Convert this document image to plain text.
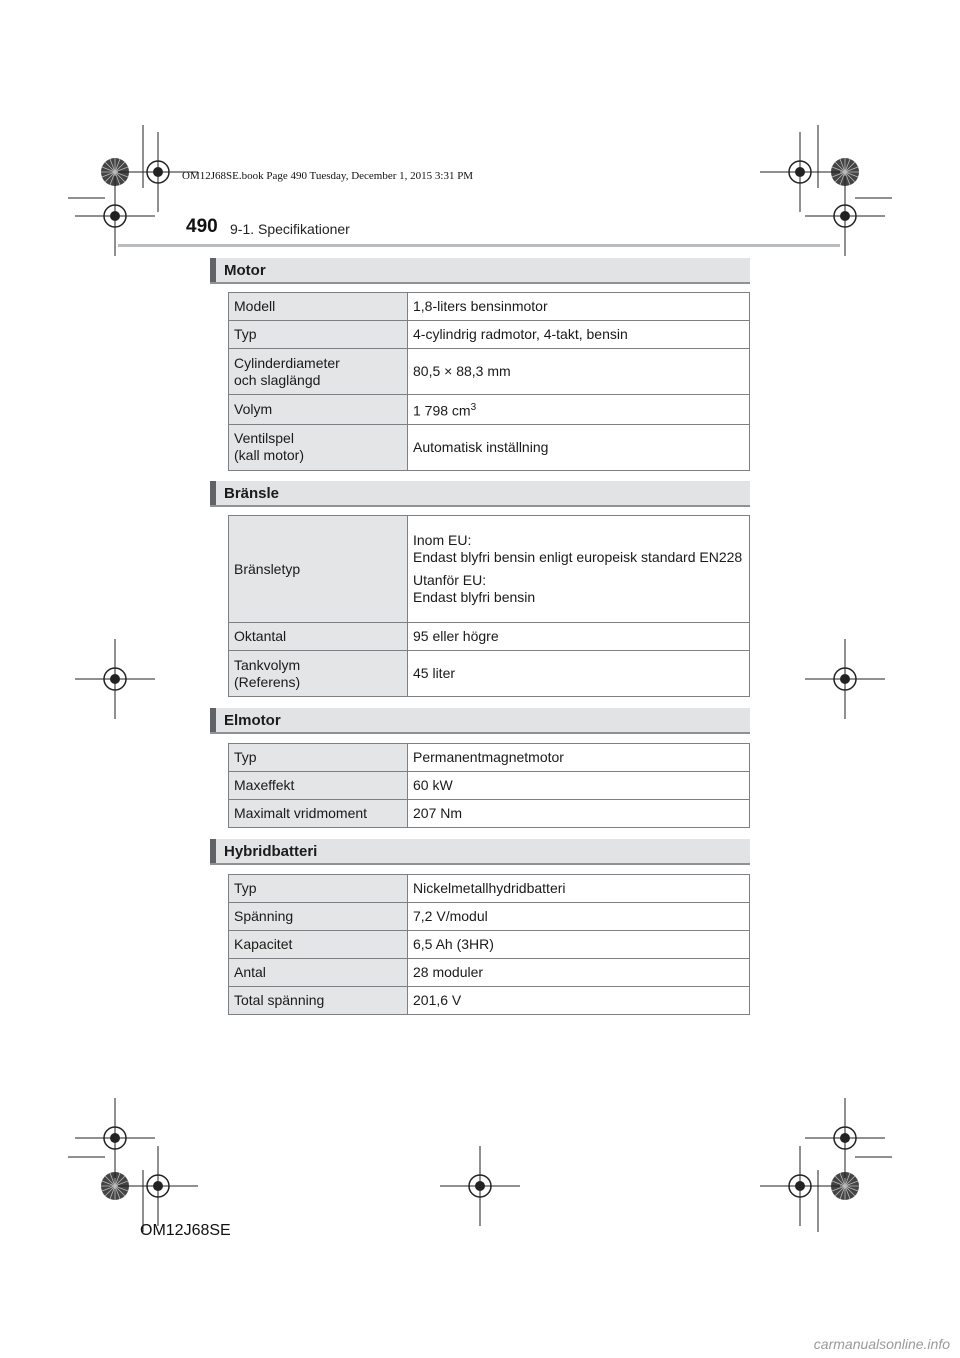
OM12J68SE.book Page 490 Tuesday, December 1, 2015 3:31 PM
490 9-1. Specifikationer
Motor
Modell	1,8-liters bensinmotor
Typ	4-cylindrig radmotor, 4-takt, bensin
Cylinderdiameter
och slaglängd	80,5 × 88,3 mm
Volym	1 798 $cm^3$
Ventilspel
(kall motor)	Automatisk inställning
Bränsle
Bränsletyp	Inom EU:
Endast blyfri bensin enligt europeisk standard EN228
Utanför EU:
Endast blyfri bensin

Oktantal	95 eller högre
Tankvolym
(Referens)	45 liter
Elmotor
Typ	Permanentmagnetmotor
Maxeffekt	60 kW
Maximalt vridmoment	207 Nm
Hybridbatteri
Typ	Nickelmetallhydridbatteri
Spänning	7,2 V/modul
Kapacitet	6,5 Ah (3HR)
Antal	28 moduler
Total spänning	201,6 V
OM12J68SE
carmanualsonline.info
